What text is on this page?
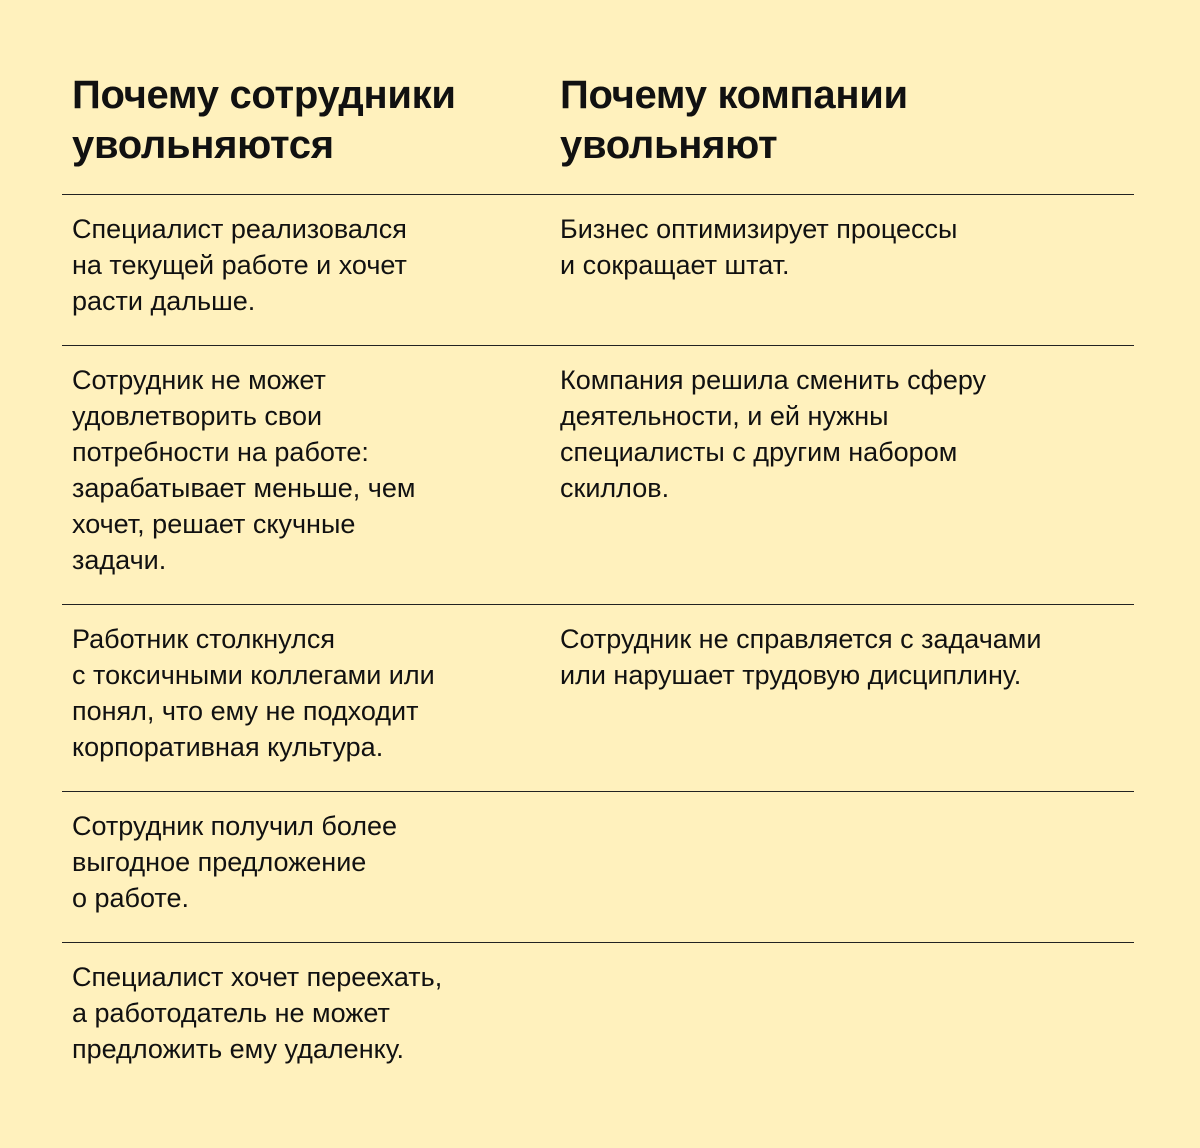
Почему сотрудники
увольняются
Почему компании
увольняют
Специалист реализовался
на текущей работе и хочет
расти дальше.
Бизнес оптимизирует процессы
и сокращает штат.
Сотрудник не может
удовлетворить свои
потребности на работе:
зарабатывает меньше, чем
хочет, решает скучные
задачи.
Компания решила сменить сферу
деятельности, и ей нужны
специалисты с другим набором
скиллов.
Работник столкнулся
с токсичными коллегами или
понял, что ему не подходит
корпоративная культура.
Сотрудник не справляется с задачами
или нарушает трудовую дисциплину.
Сотрудник получил более
выгодное предложение
о работе.
Специалист хочет переехать,
а работодатель не может
предложить ему удаленку.
